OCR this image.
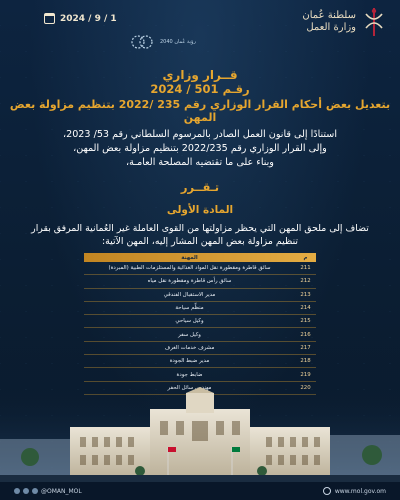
2024 / 9 / 1	سلطنة عُمان
وزارة العمل
رؤية عُمان 2040
قــرار وزاري
رقـم 501 / 2024
بتعديل بعض أحكام القرار الوزاري رقم 235 /2022 بتنظيم مزاولة بعض المهن
استنادًا إلى قانون العمل الصادر بالمرسوم السلطاني رقم 53/ 2023،
وإلى القرار الوزاري رقم 2022/235 بتنظيم مزاولة بعض المهن،
وبناء على ما تقتضيه المصلحة العامـة،
تـقــرر
المادة الأولى
تضاف إلى ملحق المهن التي يحظر مزاولتها من القوى العاملة غير العُمانية المرفق بقرار تنظيم مزاولة بعض المهن المشار إليه، المهن الآتية:
م
المهنة
211
سائق قاطرة ومقطورة نقل المواد الغذائية والمستلزمات الطبية (المبردة)
212
سائق رأس قاطرة ومقطورة نقل مياه
213
مدير الاستقبال الفندقي
214
منظِّم سياحة
215
وكيل سياحي
216
وكيل سفر
217
مشرف خدمات الغرف
218
مدير ضبط الجودة
219
ضابط جودة
@OMAN_MOL	www.mol.gov.om
